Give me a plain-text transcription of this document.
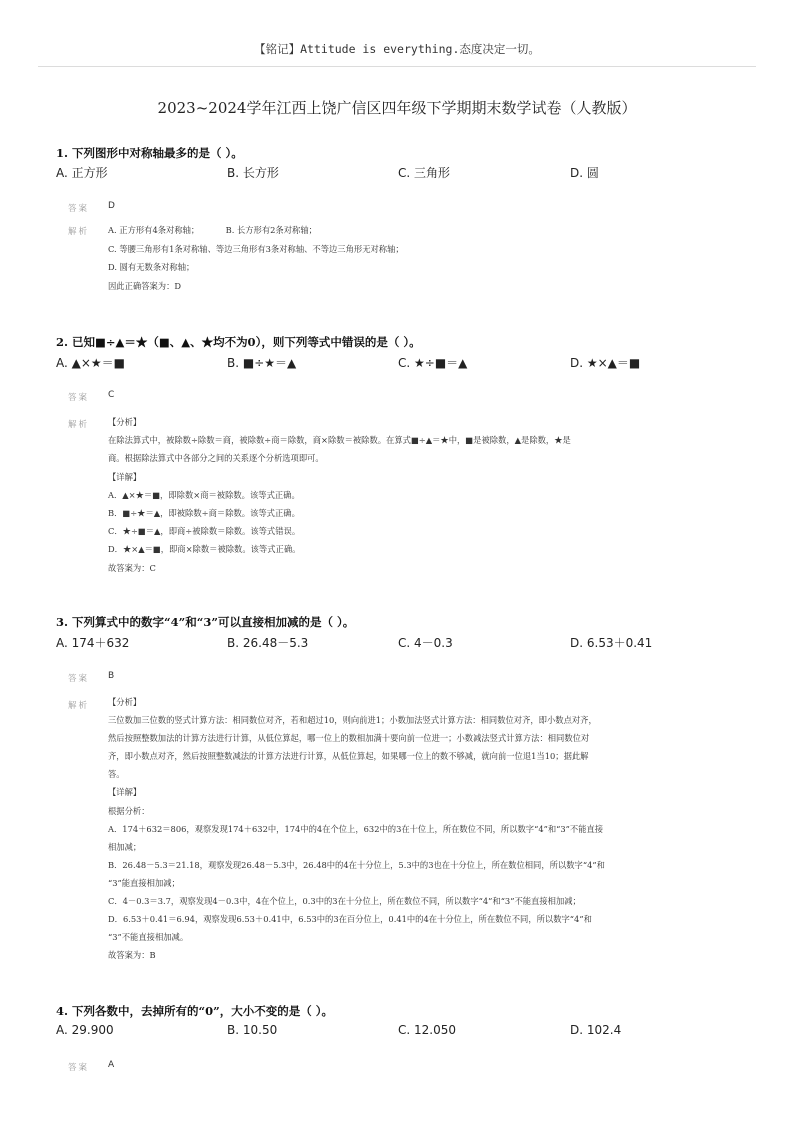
【铭记】Attitude is everything.态度决定一切。
2023~2024学年江西上饶广信区四年级下学期期末数学试卷（人教版）
1. 下列图形中对称轴最多的是（ ）。
A. 正方形	B. 长方形	C. 三角形	D. 圆
答案 D
解析 A. 正方形有4条对称轴；          B. 长方形有2条对称轴；

C. 等腰三角形有1条对称轴、等边三角形有3条对称轴、不等边三角形无对称轴；

D. 圆有无数条对称轴；

因此正确答案为：D

2. 已知■÷▲＝★（■、▲、★均不为0），则下列等式中错误的是（ ）。
A. ▲×★＝■	B. ■÷★＝▲	C. ★÷■＝▲	D. ★×▲＝■
答案 C
解析 【分析】

在除法算式中，被除数÷除数＝商，被除数÷商＝除数，商×除数＝被除数。在算式■÷▲＝★中，■是被除数，▲是除数，★是

商。根据除法算式中各部分之间的关系逐个分析选项即可。

【详解】

A．▲×★＝■，即除数×商＝被除数。该等式正确。

B．■÷★＝▲，即被除数÷商＝除数。该等式正确。

C．★÷■＝▲，即商÷被除数＝除数。该等式错误。

D．★×▲＝■，即商×除数＝被除数。该等式正确。

故答案为：C

3. 下列算式中的数字“4”和“3”可以直接相加减的是（ ）。
A. 174＋632	B. 26.48－5.3	C. 4－0.3	D. 6.53＋0.41
答案 B
解析 【分析】

三位数加三位数的竖式计算方法：相同数位对齐，若和超过10，则向前进1；小数加法竖式计算方法：相同数位对齐，即小数点对齐，

然后按照整数加法的计算方法进行计算，从低位算起，哪一位上的数相加满十要向前一位进一；小数减法竖式计算方法：相同数位对

齐，即小数点对齐，然后按照整数减法的计算方法进行计算，从低位算起，如果哪一位上的数不够减，就向前一位退1当10；据此解

答。

【详解】

根据分析：

A．174＋632＝806，观察发现174＋632中，174中的4在个位上，632中的3在十位上，所在数位不同，所以数字“4”和“3”不能直接

相加减；

B．26.48－5.3＝21.18，观察发现26.48－5.3中，26.48中的4在十分位上，5.3中的3也在十分位上，所在数位相同，所以数字“4”和

“3”能直接相加减；

C．4－0.3＝3.7，观察发现4－0.3中，4在个位上，0.3中的3在十分位上，所在数位不同，所以数字“4”和“3”不能直接相加减；

D．6.53＋0.41＝6.94，观察发现6.53＋0.41中，6.53中的3在百分位上，0.41中的4在十分位上，所在数位不同，所以数字“4”和

“3”不能直接相加减。

故答案为：B

4. 下列各数中，去掉所有的“0”，大小不变的是（ ）。
A. 29.900	B. 10.50	C. 12.050	D. 102.4
答案 A
